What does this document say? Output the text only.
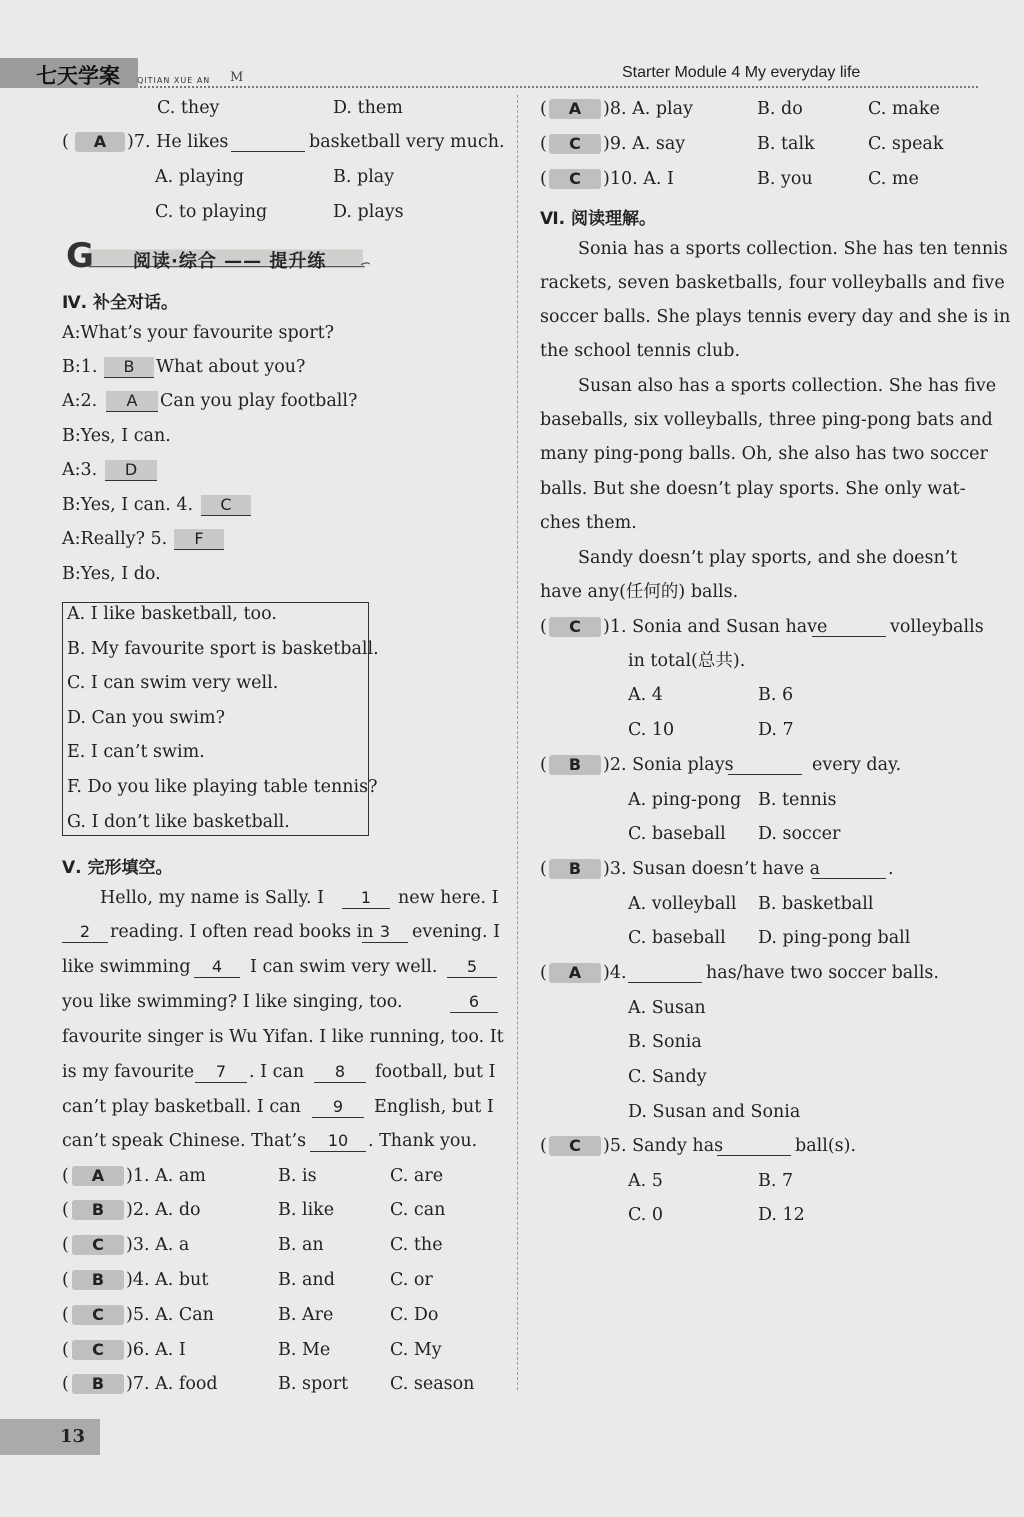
七天学案 QITIAN XUE AN M	Starter Module 4 My everyday life
C. they	D. them
(	A	)7. He likes	basketball very much.
A. playing	B. play
C. to playing	D. plays
G 阅读·综合 —— 提升练
Ⅳ. 补全对话。
A:What’s your favourite sport?
B:1.	B	What about you?
A:2.	A	Can you play football?
B:Yes, I can.
A:3.	D
B:Yes, I can. 4.	C
A:Really? 5.	F
B:Yes, I do.
A. I like basketball, too.
B. My favourite sport is basketball.
C. I can swim very well.
D. Can you swim?
E. I can’t swim.
F. Do you like playing table tennis?
G. I don’t like basketball.
Ⅴ. 完形填空。
Hello, my name is Sally. I	1	new here. I
2	reading. I often read books in 3	evening. I
like swimming	4	I can swim very well.	5
you like swimming? I like singing, too.	6
favourite singer is Wu Yifan. I like running, too. It
is my favourite	7	. I can	8	football, but I
can’t play basketball. I can	9	English, but I
can’t speak Chinese. That’s	10	. Thank you.
(	A	)1. A. am	B. is	C. are
(	B	)2. A. do	B. like	C. can
(	C	)3. A. a	B. an	C. the
(	B	)4. A. but	B. and	C. or
(	C	)5. A. Can	B. Are	C. Do
(	C	)6. A. I	B. Me	C. My
(	B	)7. A. food	B. sport C. season
(	A	)8. A. play	B. do	C. make
(	C	)9. A. say	B. talk	C. speak
(	C	)10. A. I	B. you	C. me
Ⅵ. 阅读理解。
Sonia has a sports collection. She has ten tennis
rackets, seven basketballs, four volleyballs and five
soccer balls. She plays tennis every day and she is in
the school tennis club.
Susan also has a sports collection. She has five
baseballs, six volleyballs, three ping-pong bats and
many ping-pong balls. Oh, she also has two soccer
balls. But she doesn’t play sports. She only wat-
ches them.
Sandy doesn’t play sports, and she doesn’t
have any(任何的) balls.
(	C	)1. Sonia and Susan have	volleyballs
in total(总共).
A. 4	B. 6
C. 10	D. 7
(	B	)2. Sonia plays	every day.
A. ping-pong B. tennis
C. baseball D. soccer
(	B	)3. Susan doesn’t have a	.
A. volleyball B. basketball
C. baseball D. ping-pong ball
(	A	)4.	has/have two soccer balls.
A. Susan
B. Sonia
C. Sandy
D. Susan and Sonia
(	C	)5. Sandy has	ball(s).
A. 5	B. 7
C. 0	D. 12
13
